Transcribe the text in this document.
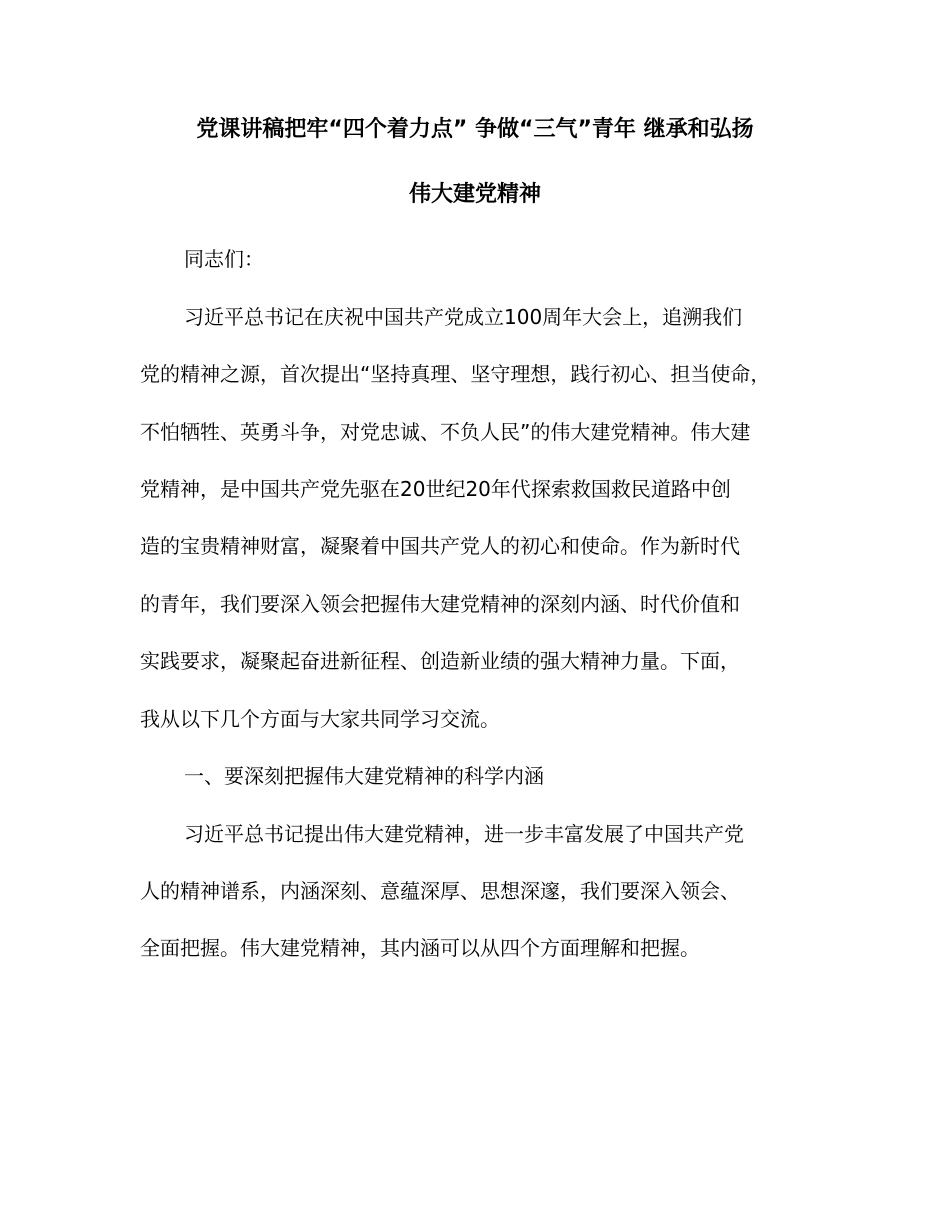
党课讲稿把牢“四个着力点” 争做“三气”青年 继承和弘扬
伟大建党精神
同志们：
习近平总书记在庆祝中国共产党成立100周年大会上，追溯我们
党的精神之源，首次提出“坚持真理、坚守理想，践行初心、担当使命，
不怕牺牲、英勇斗争，对党忠诚、不负人民”的伟大建党精神。伟大建
党精神，是中国共产党先驱在20世纪20年代探索救国救民道路中创
造的宝贵精神财富，凝聚着中国共产党人的初心和使命。作为新时代
的青年，我们要深入领会把握伟大建党精神的深刻内涵、时代价值和
实践要求，凝聚起奋进新征程、创造新业绩的强大精神力量。下面，
我从以下几个方面与大家共同学习交流。
一、要深刻把握伟大建党精神的科学内涵
习近平总书记提出伟大建党精神，进一步丰富发展了中国共产党
人的精神谱系，内涵深刻、意蕴深厚、思想深邃，我们要深入领会、
全面把握。伟大建党精神，其内涵可以从四个方面理解和把握。
